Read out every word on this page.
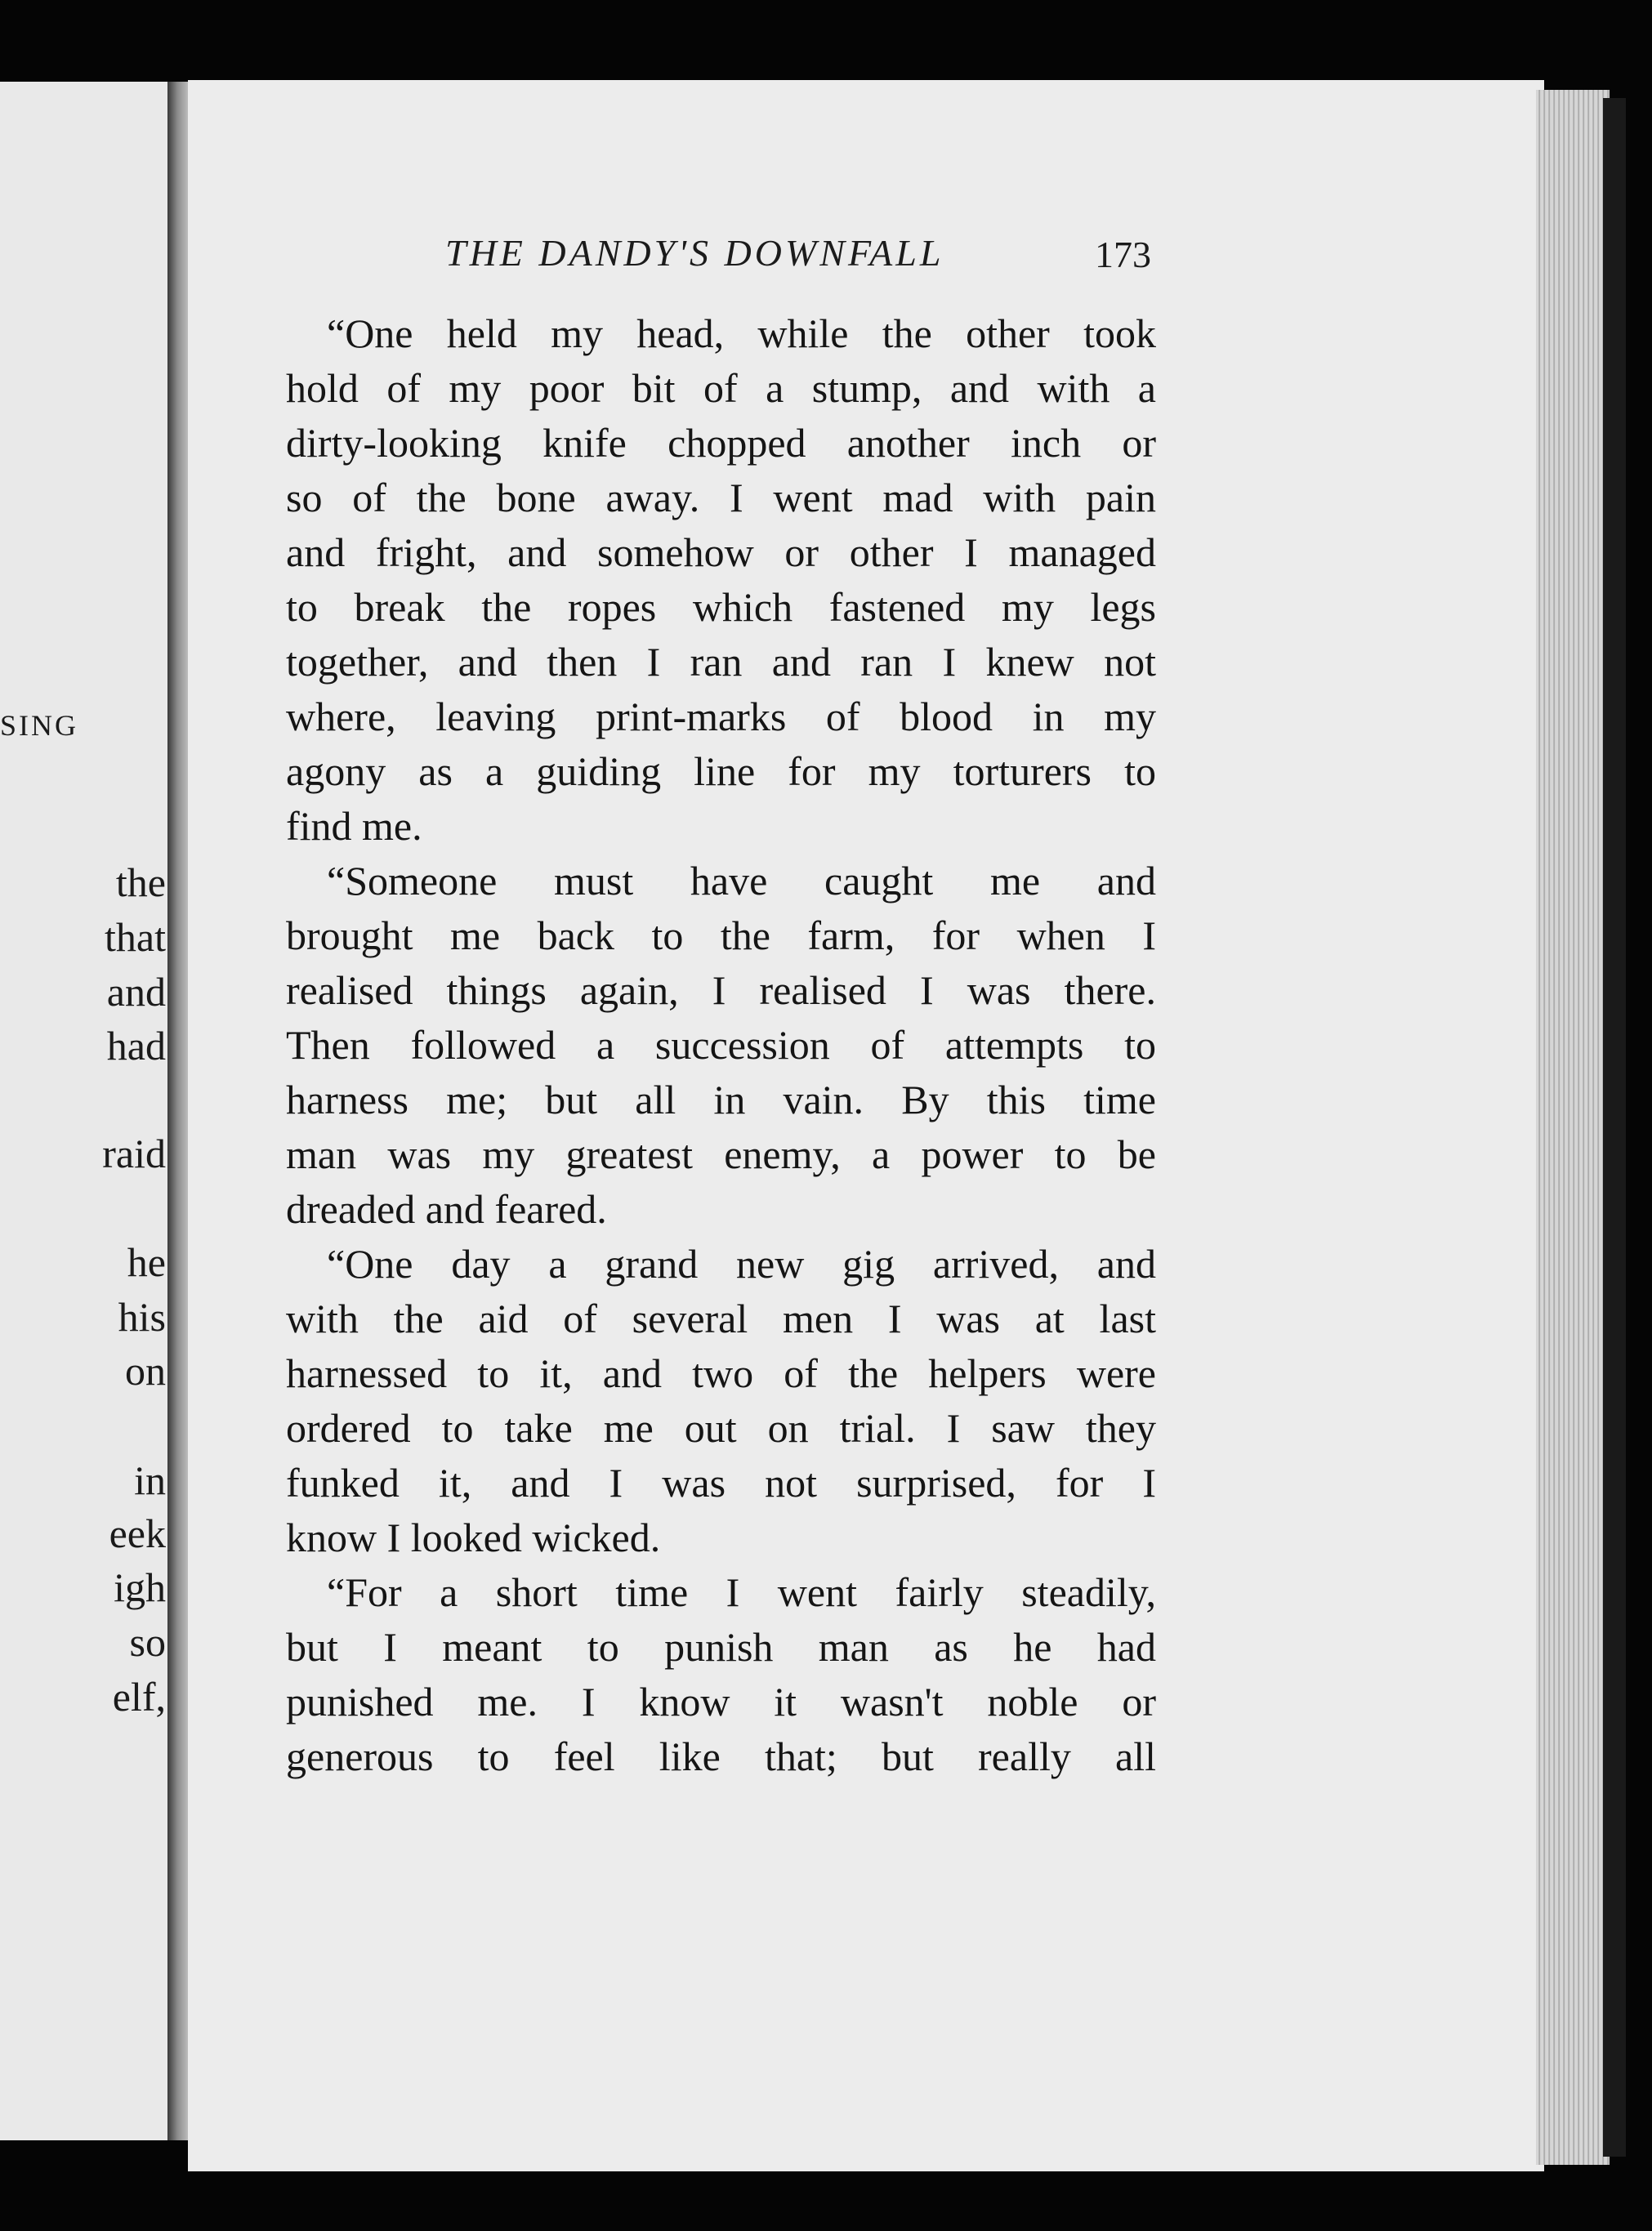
SING
the
that
and
had
raid
he
his
on
in
eek
igh
so
elf,
THE DANDY'S DOWNFALL	173
“One held my head, while the other took
hold of my poor bit of a stump, and with a
dirty-looking knife chopped another inch or
so of the bone away. I went mad with pain
and fright, and somehow or other I managed
to break the ropes which fastened my legs
together, and then I ran and ran I knew not
where, leaving print-marks of blood in my
agony as a guiding line for my torturers to
find me.
“Someone must have caught me and
brought me back to the farm, for when I
realised things again, I realised I was there.
Then followed a succession of attempts to
harness me; but all in vain. By this time
man was my greatest enemy, a power to be
dreaded and feared.
“One day a grand new gig arrived, and
with the aid of several men I was at last
harnessed to it, and two of the helpers were
ordered to take me out on trial. I saw they
funked it, and I was not surprised, for I
know I looked wicked.
“For a short time I went fairly steadily,
but I meant to punish man as he had
punished me. I know it wasn't noble or
generous to feel like that; but really all
